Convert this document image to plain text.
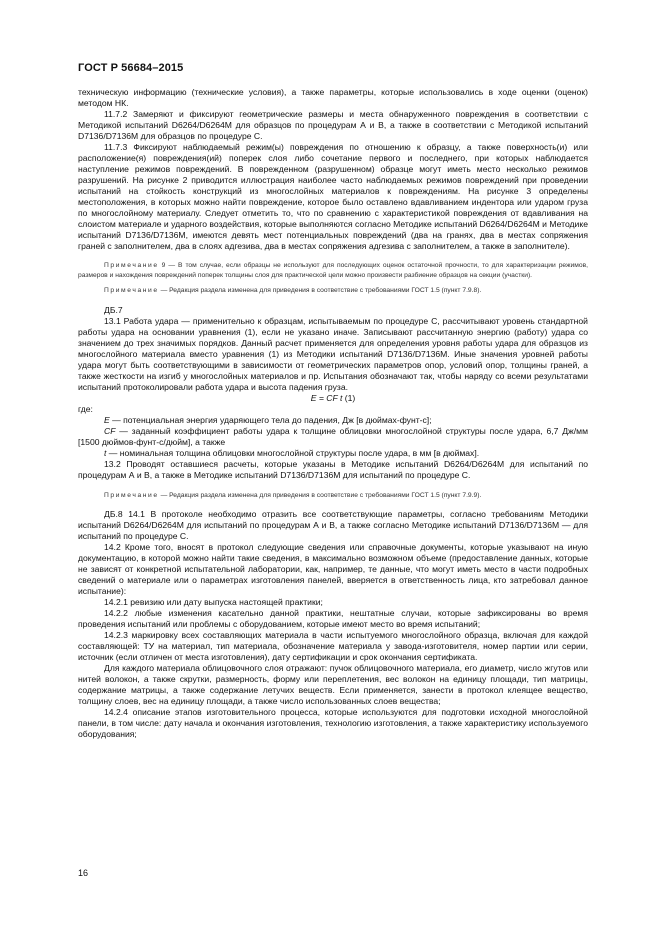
ГОСТ Р 56684–2015

техническую информацию (технические условия), а также параметры, которые использовались в ходе оценки (оценок) методом НК.

11.7.2 Замеряют и фиксируют геометрические размеры и места обнаруженного повреждения в соответствии с Методикой испытаний D6264/D6264M для образцов по процедурам А и В, а также в соответствии с Методикой испытаний D7136/D7136M для образцов по процедуре С.

11.7.3 Фиксируют наблюдаемый режим(ы) повреждения по отношению к образцу, а также поверхность(и) или расположение(я) повреждения(ий) поперек слоя либо сочетание первого и последнего, при которых наблюдается наступление режимов повреждений. В поврежденном (разрушенном) образце могут иметь место несколько режимов разрушений. На рисунке 2 приводится иллюстрация наиболее часто наблюдаемых режимов повреждений при проведении испытаний на стойкость конструкций из многослойных материалов к повреждениям. На рисунке 3 определены местоположения, в которых можно найти повреждение, которое было оставлено вдавливанием индентора или ударом груза по многослойному материалу. Следует отметить то, что по сравнению с характеристикой повреждения от вдавливания на слоистом материале и ударного воздействия, которые выполняются согласно Методике испытаний D6264/D6264M и Методике испытаний D7136/D7136M, имеются девять мест потенциальных повреждений (два на гранях, два в местах сопряжения граней с заполнителем, два в слоях адгезива, два в местах сопряжения адгезива с заполнителем, а также в заполнителе).

Примечание 9 — В том случае, если образцы не используют для последующих оценок остаточной прочности, то для характеризации режимов, размеров и нахождения повреждений поперек толщины слоя для практической цели можно произвести разбиение образцов на секции (участки).

Примечание — Редакция раздела изменена для приведения в соответствие с требованиями ГОСТ 1.5 (пункт 7.9.8).

ДБ.7

13.1 Работа удара — применительно к образцам, испытываемым по процедуре С, рассчитывают уровень стандартной работы удара на основании уравнения (1), если не указано иначе. Записывают рассчитанную энергию (работу) удара со значением до трех значимых порядков. Данный расчет применяется для определения уровня работы удара для образцов из многослойного материала вместо уравнения (1) из Методики испытаний D7136/D7136M. Иные значения уровней работы удара могут быть соответствующими в зависимости от геометрических параметров опор, условий опор, толщины граней, а также жесткости на изгиб у многослойных материалов и пр. Испытания обозначают так, чтобы наряду со всеми результатами испытаний протоколировали работа удара и высота падения груза.

E = CF t (1)

где:

E — потенциальная энергия ударяющего тела до падения, Дж [в дюймах-фунт-с];

CF — заданный коэффициент работы удара к толщине облицовки многослойной структуры после удара, 6,7 Дж/мм [1500 дюймов-фунт-с/дюйм], а также

t — номинальная толщина облицовки многослойной структуры после удара, в мм [в дюймах].

13.2 Проводят оставшиеся расчеты, которые указаны в Методике испытаний D6264/D6264M для испытаний по процедурам А и В, а также в Методике испытаний D7136/D7136M для испытаний по процедуре С.

Примечание — Редакция раздела изменена для приведения в соответствие с требованиями ГОСТ 1.5 (пункт 7.9.9).

ДБ.8 14.1 В протоколе необходимо отразить все соответствующие параметры, согласно требованиям Методики испытаний D6264/D6264M для испытаний по процедурам А и В, а также согласно Методике испытаний D7136/D7136M — для испытаний по процедуре С.

14.2 Кроме того, вносят в протокол следующие сведения или справочные документы, которые указывают на иную документацию, в которой можно найти такие сведения, в максимально возможном объеме (предоставление данных, которые не зависят от конкретной испытательной лаборатории, как, например, те данные, что могут иметь место в части подробных сведений о материале или о параметрах изготовления панелей, вверяется в ответственность лица, кто затребовал данное испытание):

14.2.1 ревизию или дату выпуска настоящей практики;

14.2.2 любые изменения касательно данной практики, нештатные случаи, которые зафиксированы во время проведения испытаний или проблемы с оборудованием, которые имеют место во время испытаний;

14.2.3 маркировку всех составляющих материала в части испытуемого многослойного образца, включая для каждой составляющей: ТУ на материал, тип материала, обозначение материала у завода-изготовителя, номер партии или серии, источник (если отличен от места изготовления), дату сертификации и срок окончания сертификата.

Для каждого материала облицовочного слоя отражают: пучок облицовочного материала, его диаметр, число жгутов или нитей волокон, а также скрутки, размерность, форму или переплетения, вес волокон на единицу площади, тип матрицы, содержание матрицы, а также содержание летучих веществ. Если применяется, занести в протокол клеящее вещество, толщину слоев, вес на единицу площади, а также число использованных слоев вещества;

14.2.4 описание этапов изготовительного процесса, которые используются для подготовки исходной многослойной панели, в том числе: дату начала и окончания изготовления, технологию изготовления, а также характеристику используемого оборудования;

16
